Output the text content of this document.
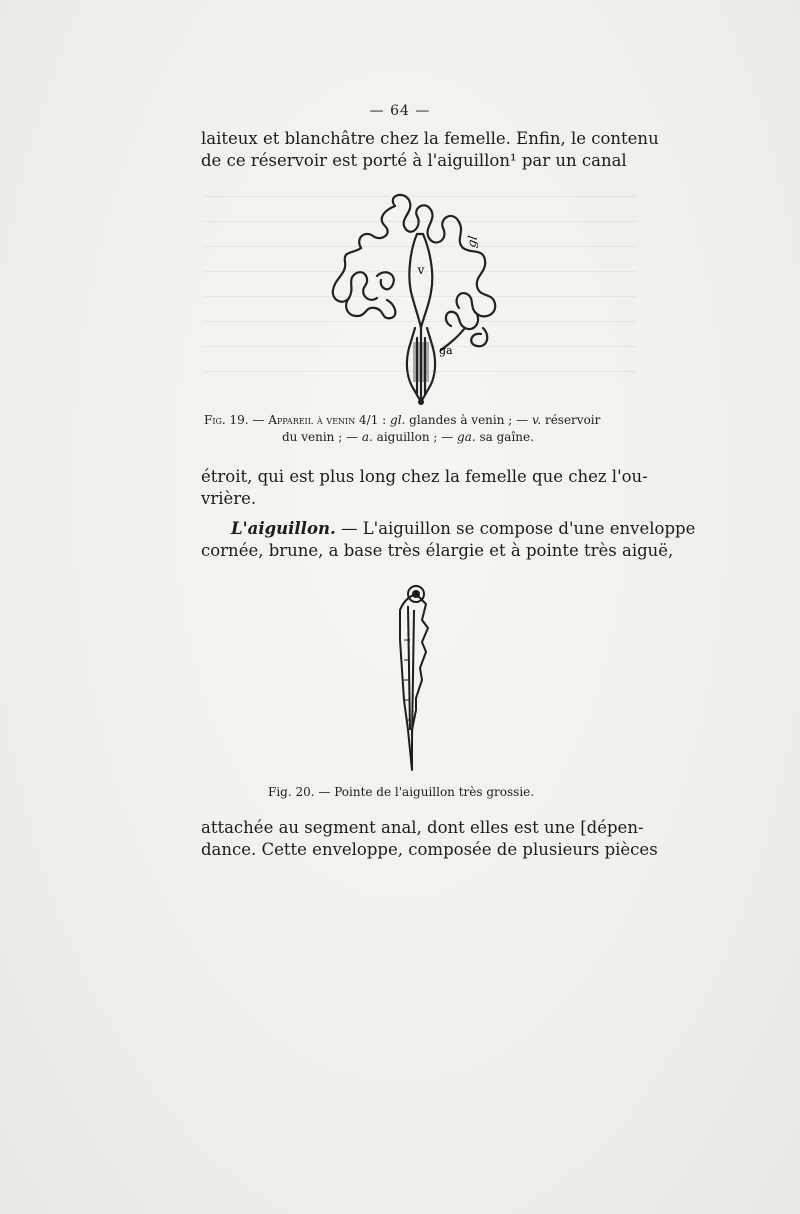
— 64 —

laiteux et blanchâtre chez la femelle. Enfin, le contenu
de ce réservoir est porté à l'aiguillon¹ par un canal

v
gl
ga

Fig. 19. — Appareil à venin 4/1 : gl. glandes à venin ; — v. réservoir
du venin ; — a. aiguillon ; — ga. sa gaîne.

étroit, qui est plus long chez la femelle que chez l'ou-
vrière.

L'aiguillon. — L'aiguillon se compose d'une enveloppe
cornée, brune, a base très élargie et à pointe très aiguë,

Fig. 20. — Pointe de l'aiguillon très grossie.

attachée au segment anal, dont elles est une [dépen-
dance. Cette enveloppe, composée de plusieurs pièces
